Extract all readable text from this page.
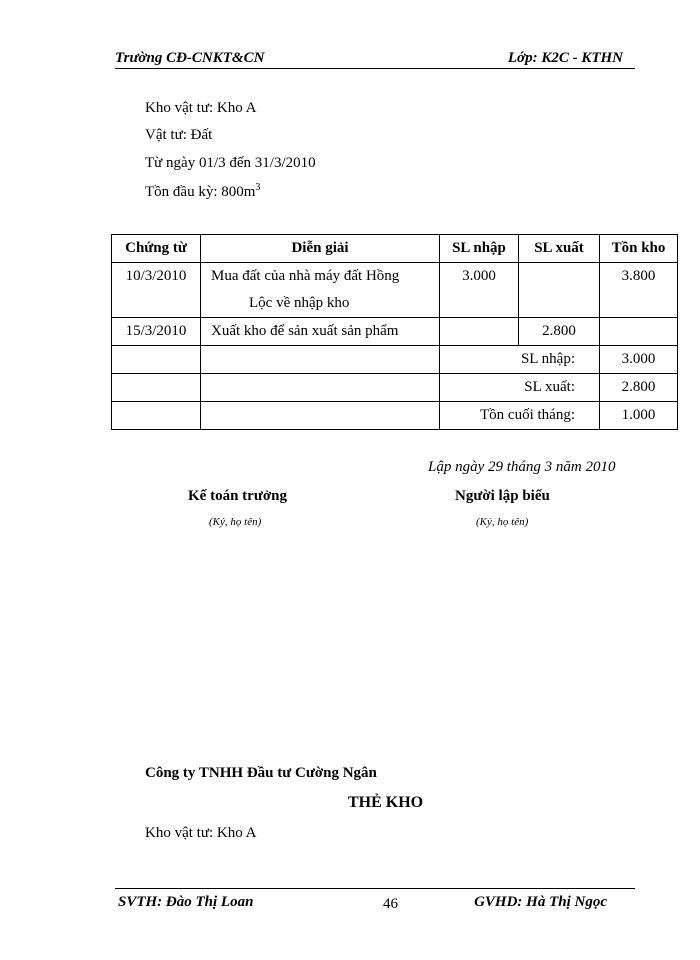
Trường CĐ-CNKT&CN	Lớp: K2C - KTHN
Kho vật tư: Kho A
Vật tư: Đất
Từ ngày 01/3 đến 31/3/2010
Tồn đầu kỳ: $800m^3$
Chứng từ	Diễn giải	SL nhập	SL xuất	Tồn kho
10/3/2010	Mua đất của nhà máy đất Hồng
Lộc về nhập kho	3.000		3.800
15/3/2010	Xuất kho để sản xuất sản phẩm		2.800	
		SL nhập:		3.000
		SL xuất:		2.800
		Tồn cuối tháng:		1.000
Lập ngày 29 tháng 3 năm 2010
Kế toán trưởng
(Ký, họ tên)
Người lập biểu
(Ký, họ tên)
Công ty TNHH Đầu tư Cường Ngân
THẺ KHO
Kho vật tư: Kho A
SVTH: Đào Thị Loan	46	GVHD: Hà Thị Ngọc
